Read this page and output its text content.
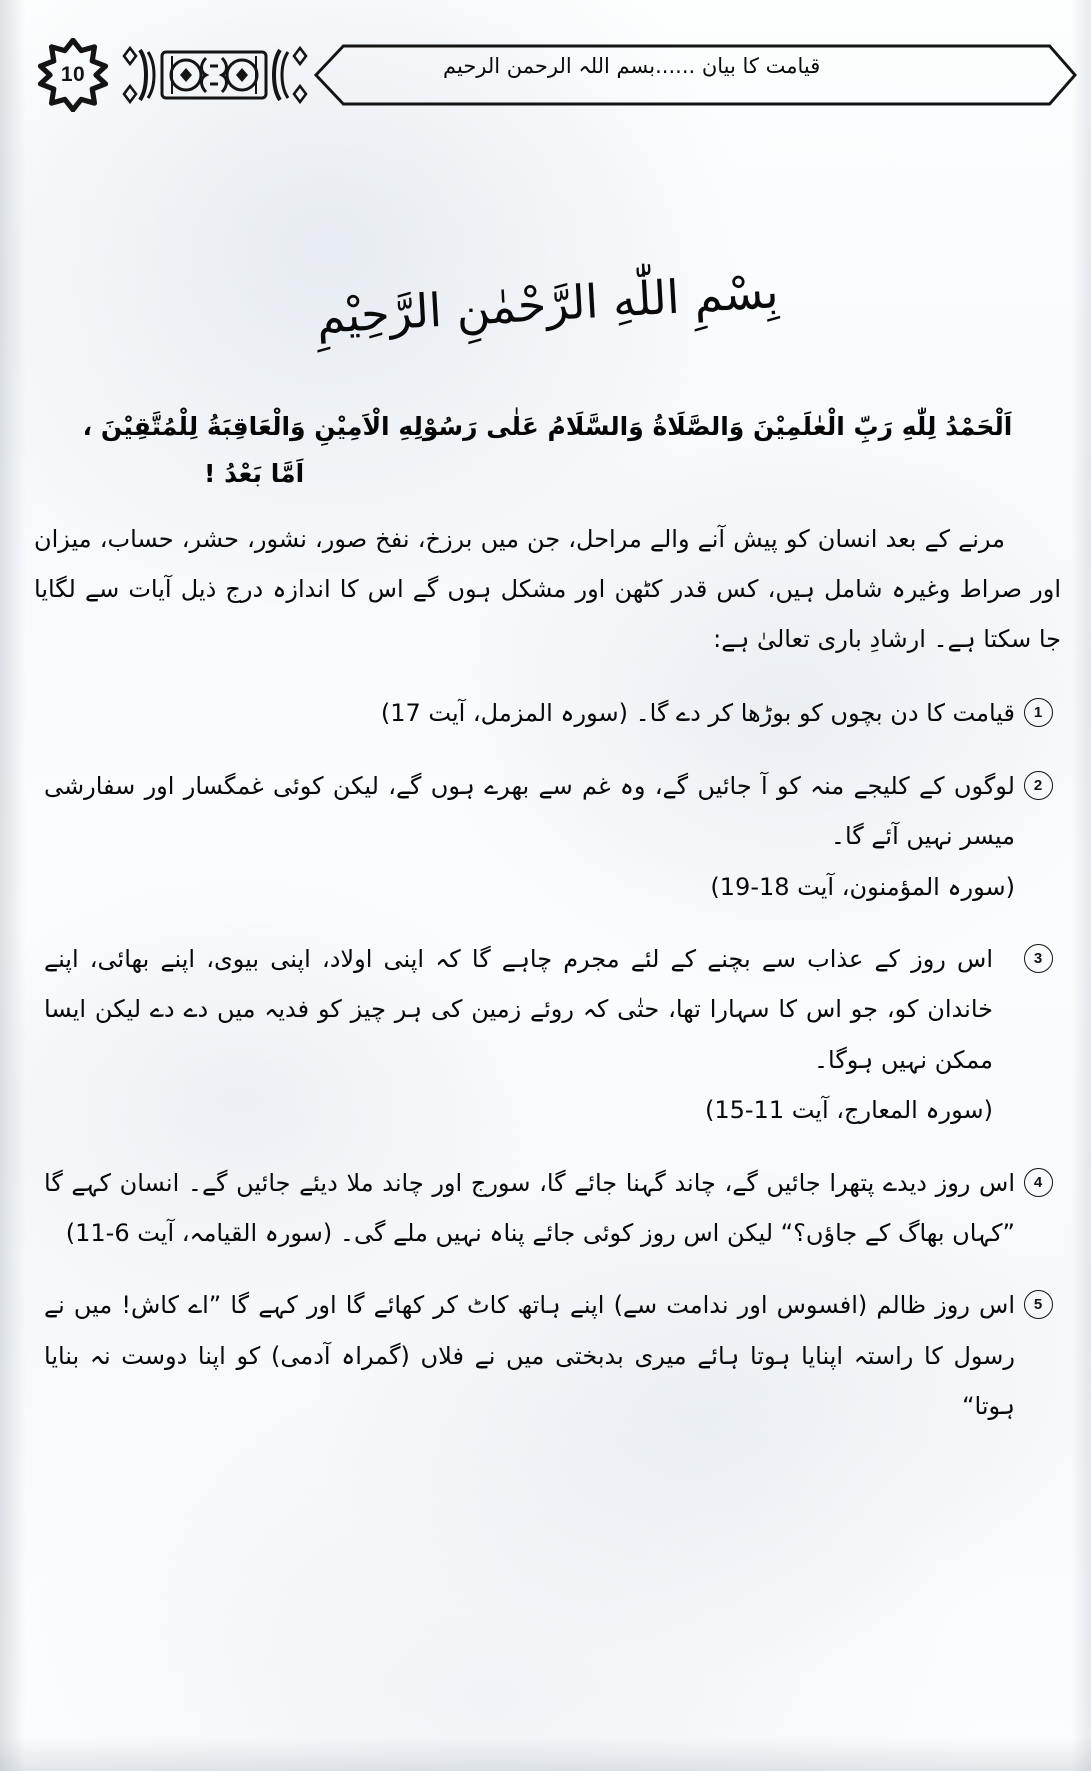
10	قیامت کا بیان ......بسم اللہ الرحمن الرحیم
بِسْمِ اللّٰهِ الرَّحْمٰنِ الرَّحِيْمِ
اَلْحَمْدُ لِلّٰهِ رَبِّ الْعٰلَمِيْنَ وَالصَّلَاةُ وَالسَّلَامُ عَلٰى رَسُوْلِهِ الْاَمِيْنِ وَالْعَاقِبَةُ لِلْمُتَّقِيْنَ ،
اَمَّا بَعْدُ !

مرنے کے بعد انسان کو پیش آنے والے مراحل، جن میں برزخ، نفخ صور، نشور، حشر، حساب، میزان اور صراط وغیرہ شامل ہیں، کس قدر کٹھن اور مشکل ہوں گے اس کا اندازہ درج ذیل آیات سے لگایا جا سکتا ہے۔ ارشادِ باری تعالیٰ ہے:

1
قیامت کا دن بچوں کو بوڑھا کر دے گا۔ (سورہ المزمل، آیت 17)
2
لوگوں کے کلیجے منہ کو آ جائیں گے، وہ غم سے بھرے ہوں گے، لیکن کوئی غمگسار اور سفارشی میسر نہیں آئے گا۔
(سورہ المؤمنون، آیت 18-19)
3
اس روز کے عذاب سے بچنے کے لئے مجرم چاہے گا کہ اپنی اولاد، اپنی بیوی، اپنے بھائی، اپنے خاندان کو، جو اس کا سہارا تھا، حتٰی کہ روئے زمین کی ہر چیز کو فدیہ میں دے دے لیکن ایسا ممکن نہیں ہوگا۔
(سورہ المعارج، آیت 11-15)
4
اس روز دیدے پتھرا جائیں گے، چاند گہنا جائے گا، سورج اور چاند ملا دیئے جائیں گے۔ انسان کہے گا ”کہاں بھاگ کے جاؤں؟“ لیکن اس روز کوئی جائے پناہ نہیں ملے گی۔ (سورہ القیامہ، آیت 6-11)
5
اس روز ظالم (افسوس اور ندامت سے) اپنے ہاتھ کاٹ کر کھائے گا اور کہے گا ”اے کاش! میں نے رسول کا راستہ اپنایا ہوتا ہائے میری بدبختی میں نے فلاں (گمراہ آدمی) کو اپنا دوست نہ بنایا ہوتا“
